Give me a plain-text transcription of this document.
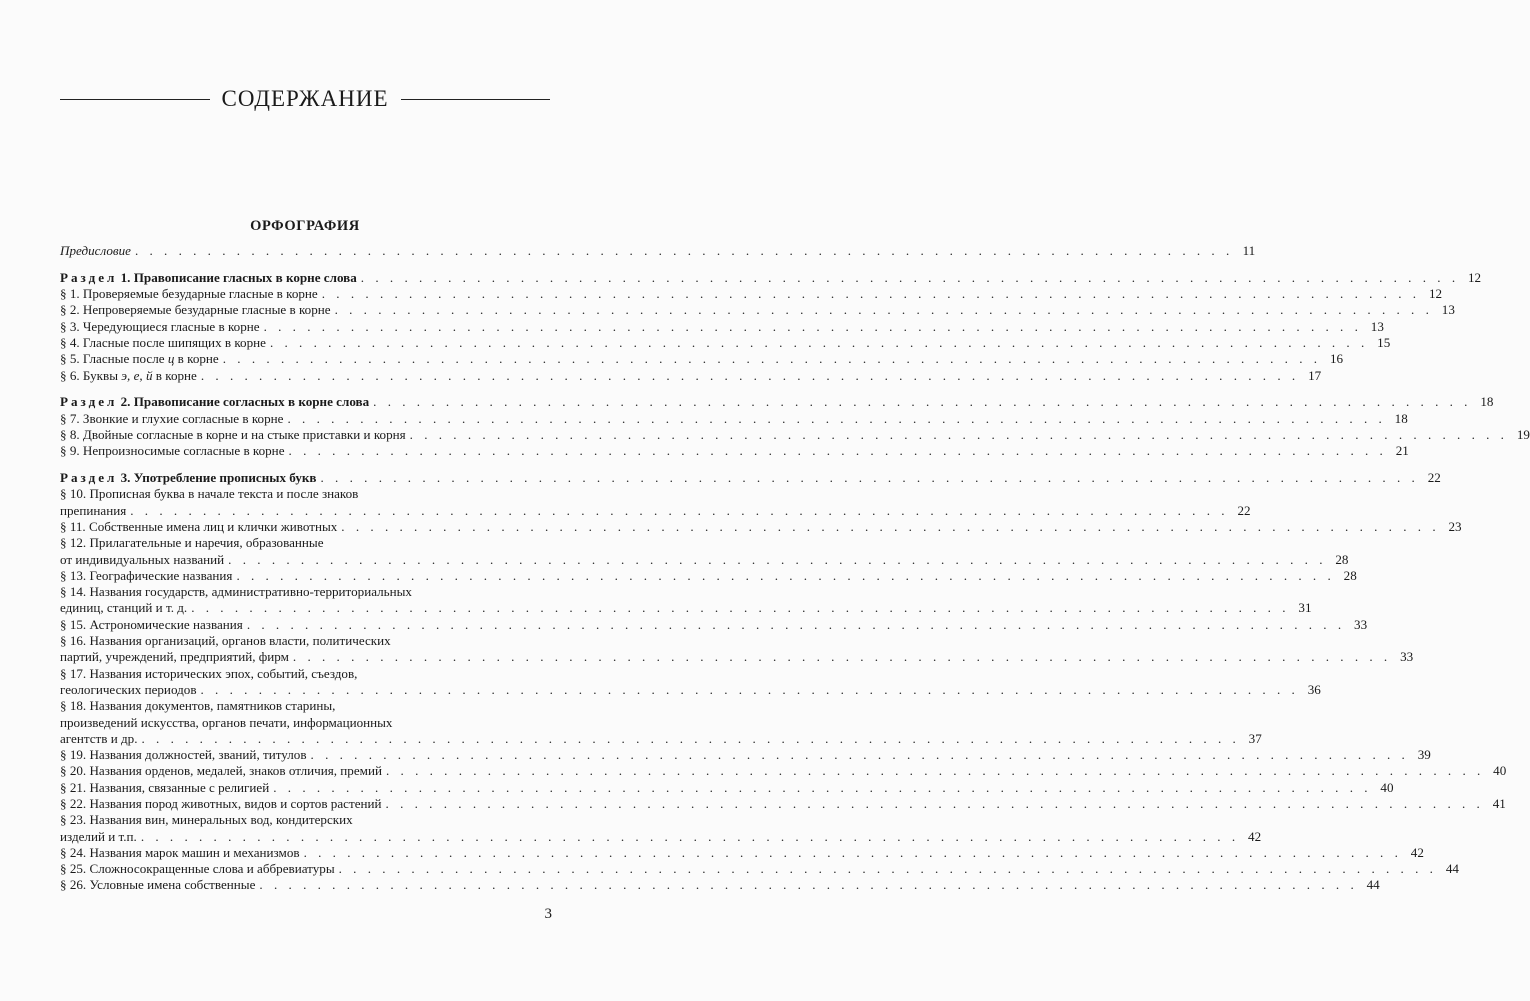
СОДЕРЖАНИЕ
ОРФОГРАФИЯ
Предисловие . . . . . . . . . . . . . . . . . . . . . . . . . . . . . . . . . . . . . . . . . . . . . . . . . . . . . . . . . . . . . . . . . . . . . . . . . . . . 11
Раздел 1. Правописание гласных в корне слова . . . . . . . . . . . . . . . . . . . . . . . . . . . . . . . . . . . . . . . . . . . . . . . . . . . . . . . . . . . . . . . . . . . . . . . . . . . . 12
§ 1. Проверяемые безударные гласные в корне . . . . . . . . . . . . . . . . . . . . . . . . . . . . . . . . . . . . . . . . . . . . . . . . . . . . . . . . . . . . . . . . . . . . . . . . . . . . 12
§ 2. Непроверяемые безударные гласные в корне . . . . . . . . . . . . . . . . . . . . . . . . . . . . . . . . . . . . . . . . . . . . . . . . . . . . . . . . . . . . . . . . . . . . . . . . . . . . 13
§ 3. Чередующиеся гласные в корне . . . . . . . . . . . . . . . . . . . . . . . . . . . . . . . . . . . . . . . . . . . . . . . . . . . . . . . . . . . . . . . . . . . . . . . . . . . . 13
§ 4. Гласные после шипящих в корне . . . . . . . . . . . . . . . . . . . . . . . . . . . . . . . . . . . . . . . . . . . . . . . . . . . . . . . . . . . . . . . . . . . . . . . . . . . . 15
§ 5. Гласные после ц в корне . . . . . . . . . . . . . . . . . . . . . . . . . . . . . . . . . . . . . . . . . . . . . . . . . . . . . . . . . . . . . . . . . . . . . . . . . . . . 16
§ 6. Буквы э, е, й в корне . . . . . . . . . . . . . . . . . . . . . . . . . . . . . . . . . . . . . . . . . . . . . . . . . . . . . . . . . . . . . . . . . . . . . . . . . . . . 17
Раздел 2. Правописание согласных в корне слова . . . . . . . . . . . . . . . . . . . . . . . . . . . . . . . . . . . . . . . . . . . . . . . . . . . . . . . . . . . . . . . . . . . . . . . . . . . . 18
§ 7. Звонкие и глухие согласные в корне . . . . . . . . . . . . . . . . . . . . . . . . . . . . . . . . . . . . . . . . . . . . . . . . . . . . . . . . . . . . . . . . . . . . . . . . . . . . 18
§ 8. Двойные согласные в корне и на стыке приставки и корня . . . . . . . . . . . . . . . . . . . . . . . . . . . . . . . . . . . . . . . . . . . . . . . . . . . . . . . . . . . . . . . . . . . . . . . . . . . . 19
§ 9. Непроизносимые согласные в корне . . . . . . . . . . . . . . . . . . . . . . . . . . . . . . . . . . . . . . . . . . . . . . . . . . . . . . . . . . . . . . . . . . . . . . . . . . . . 21
Раздел 3. Употребление прописных букв . . . . . . . . . . . . . . . . . . . . . . . . . . . . . . . . . . . . . . . . . . . . . . . . . . . . . . . . . . . . . . . . . . . . . . . . . . . . 22
§ 10. Прописная буква в начале текста и после знаков
препинания . . . . . . . . . . . . . . . . . . . . . . . . . . . . . . . . . . . . . . . . . . . . . . . . . . . . . . . . . . . . . . . . . . . . . . . . . . . . 22
§ 11. Собственные имена лиц и клички животных . . . . . . . . . . . . . . . . . . . . . . . . . . . . . . . . . . . . . . . . . . . . . . . . . . . . . . . . . . . . . . . . . . . . . . . . . . . . 23
§ 12. Прилагательные и наречия, образованные
от индивидуальных названий . . . . . . . . . . . . . . . . . . . . . . . . . . . . . . . . . . . . . . . . . . . . . . . . . . . . . . . . . . . . . . . . . . . . . . . . . . . . 28
§ 13. Географические названия . . . . . . . . . . . . . . . . . . . . . . . . . . . . . . . . . . . . . . . . . . . . . . . . . . . . . . . . . . . . . . . . . . . . . . . . . . . . 28
§ 14. Названия государств, административно-территориальных
единиц, станций и т. д. . . . . . . . . . . . . . . . . . . . . . . . . . . . . . . . . . . . . . . . . . . . . . . . . . . . . . . . . . . . . . . . . . . . . . . . . . . . . 31
§ 15. Астрономические названия . . . . . . . . . . . . . . . . . . . . . . . . . . . . . . . . . . . . . . . . . . . . . . . . . . . . . . . . . . . . . . . . . . . . . . . . . . . . 33
§ 16. Названия организаций, органов власти, политических
партий, учреждений, предприятий, фирм . . . . . . . . . . . . . . . . . . . . . . . . . . . . . . . . . . . . . . . . . . . . . . . . . . . . . . . . . . . . . . . . . . . . . . . . . . . . 33
§ 17. Названия исторических эпох, событий, съездов,
геологических периодов . . . . . . . . . . . . . . . . . . . . . . . . . . . . . . . . . . . . . . . . . . . . . . . . . . . . . . . . . . . . . . . . . . . . . . . . . . . . 36
§ 18. Названия документов, памятников старины,
произведений искусства, органов печати, информационных
агентств и др. . . . . . . . . . . . . . . . . . . . . . . . . . . . . . . . . . . . . . . . . . . . . . . . . . . . . . . . . . . . . . . . . . . . . . . . . . . . . 37
§ 19. Названия должностей, званий, титулов . . . . . . . . . . . . . . . . . . . . . . . . . . . . . . . . . . . . . . . . . . . . . . . . . . . . . . . . . . . . . . . . . . . . . . . . . . . . 39
§ 20. Названия орденов, медалей, знаков отличия, премий . . . . . . . . . . . . . . . . . . . . . . . . . . . . . . . . . . . . . . . . . . . . . . . . . . . . . . . . . . . . . . . . . . . . . . . . . . . . 40
§ 21. Названия, связанные с религией . . . . . . . . . . . . . . . . . . . . . . . . . . . . . . . . . . . . . . . . . . . . . . . . . . . . . . . . . . . . . . . . . . . . . . . . . . . . 40
§ 22. Названия пород животных, видов и сортов растений . . . . . . . . . . . . . . . . . . . . . . . . . . . . . . . . . . . . . . . . . . . . . . . . . . . . . . . . . . . . . . . . . . . . . . . . . . . . 41
§ 23. Названия вин, минеральных вод, кондитерских
изделий и т.п. . . . . . . . . . . . . . . . . . . . . . . . . . . . . . . . . . . . . . . . . . . . . . . . . . . . . . . . . . . . . . . . . . . . . . . . . . . . . 42
§ 24. Названия марок машин и механизмов . . . . . . . . . . . . . . . . . . . . . . . . . . . . . . . . . . . . . . . . . . . . . . . . . . . . . . . . . . . . . . . . . . . . . . . . . . . . 42
§ 25. Сложносокращенные слова и аббревиатуры . . . . . . . . . . . . . . . . . . . . . . . . . . . . . . . . . . . . . . . . . . . . . . . . . . . . . . . . . . . . . . . . . . . . . . . . . . . . 44
§ 26. Условные имена собственные . . . . . . . . . . . . . . . . . . . . . . . . . . . . . . . . . . . . . . . . . . . . . . . . . . . . . . . . . . . . . . . . . . . . . . . . . . . . 44
3
